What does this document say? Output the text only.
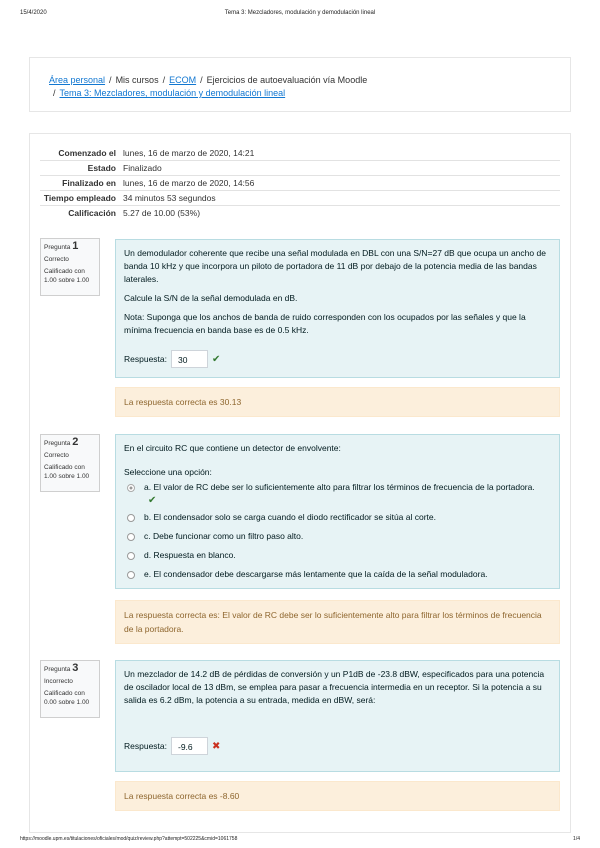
15/4/2020	Tema 3: Mezcladores, modulación y demodulación lineal
Área personal / Mis cursos / ECOM / Ejercicios de autoevaluación vía Moodle
/ Tema 3: Mezcladores, modulación y demodulación lineal
Comenzado el lunes, 16 de marzo de 2020, 14:21
Estado Finalizado
Finalizado en lunes, 16 de marzo de 2020, 14:56
Tiempo empleado 34 minutos 53 segundos
Calificación 5.27 de 10.00 (53%)
Pregunta 1
Correcto
Calificado con 1.00 sobre 1.00

Un demodulador coherente que recibe una señal modulada en DBL con una S/N=27 dB que ocupa un ancho de banda 10 kHz y que incorpora un piloto de portadora de 11 dB por debajo de la potencia media de las bandas laterales.

Calcule la S/N de la señal demodulada en dB.

Nota: Suponga que los anchos de banda de ruido corresponden con los ocupados por las señales y que la mínima frecuencia en banda base es de 0.5 kHz.

Respuesta:	30	✔
La respuesta correcta es 30.13
Pregunta 2
Correcto
Calificado con 1.00 sobre 1.00

En el circuito RC que contiene un detector de envolvente:

Seleccione una opción:

a. El valor de RC debe ser lo suficientemente alto para filtrar los términos de frecuencia de la portadora.
✔
b. El condensador solo se carga cuando el diodo rectificador se sitúa al corte.
c. Debe funcionar como un filtro paso alto.
d. Respuesta en blanco.
e. El condensador debe descargarse más lentamente que la caída de la señal moduladora.
La respuesta correcta es: El valor de RC debe ser lo suficientemente alto para filtrar los términos de frecuencia de la portadora.
Pregunta 3
Incorrecto
Calificado con 0.00 sobre 1.00

Un mezclador de 14.2 dB de pérdidas de conversión y un P1dB de -23.8 dBW, especificados para una potencia de oscilador local de 13 dBm, se emplea para pasar a frecuencia intermedia en un receptor. Si la potencia a su salida es 6.2 dBm, la potencia a su entrada, medida en dBW, será:

Respuesta:	-9.6	✖
La respuesta correcta es -8.60
https://moodle.upm.es/titulaciones/oficiales/mod/quiz/review.php?attempt=502225&cmid=1061758	1/4
